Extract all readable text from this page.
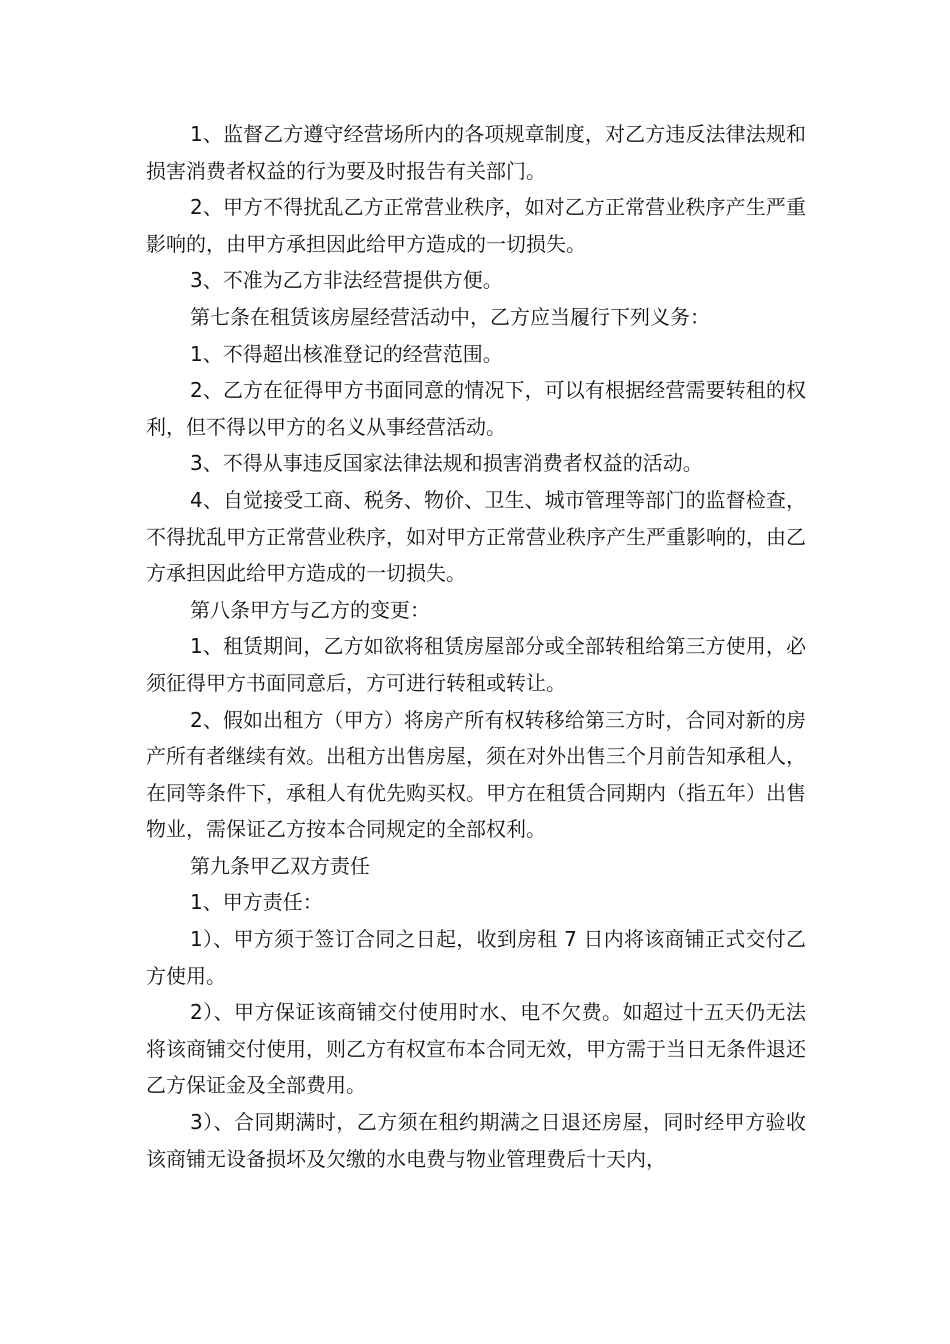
1、监督乙方遵守经营场所内的各项规章制度，对乙方违反法律法规和损害消费者权益的行为要及时报告有关部门。

2、甲方不得扰乱乙方正常营业秩序，如对乙方正常营业秩序产生严重影响的，由甲方承担因此给甲方造成的一切损失。

3、不准为乙方非法经营提供方便。

第七条在租赁该房屋经营活动中，乙方应当履行下列义务：

1、不得超出核准登记的经营范围。

2、乙方在征得甲方书面同意的情况下，可以有根据经营需要转租的权利，但不得以甲方的名义从事经营活动。

3、不得从事违反国家法律法规和损害消费者权益的活动。

4、自觉接受工商、税务、物价、卫生、城市管理等部门的监督检查，不得扰乱甲方正常营业秩序，如对甲方正常营业秩序产生严重影响的，由乙方承担因此给甲方造成的一切损失。

第八条甲方与乙方的变更：

1、租赁期间，乙方如欲将租赁房屋部分或全部转租给第三方使用，必须征得甲方书面同意后，方可进行转租或转让。

2、假如出租方（甲方）将房产所有权转移给第三方时，合同对新的房产所有者继续有效。出租方出售房屋，须在对外出售三个月前告知承租人，在同等条件下，承租人有优先购买权。甲方在租赁合同期内（指五年）出售物业，需保证乙方按本合同规定的全部权利。

第九条甲乙双方责任

1、甲方责任：

1）、甲方须于签订合同之日起，收到房租 7 日内将该商铺正式交付乙方使用。

2）、甲方保证该商铺交付使用时水、电不欠费。如超过十五天仍无法将该商铺交付使用，则乙方有权宣布本合同无效，甲方需于当日无条件退还乙方保证金及全部费用。

3）、合同期满时，乙方须在租约期满之日退还房屋，同时经甲方验收该商铺无设备损坏及欠缴的水电费与物业管理费后十天内，
